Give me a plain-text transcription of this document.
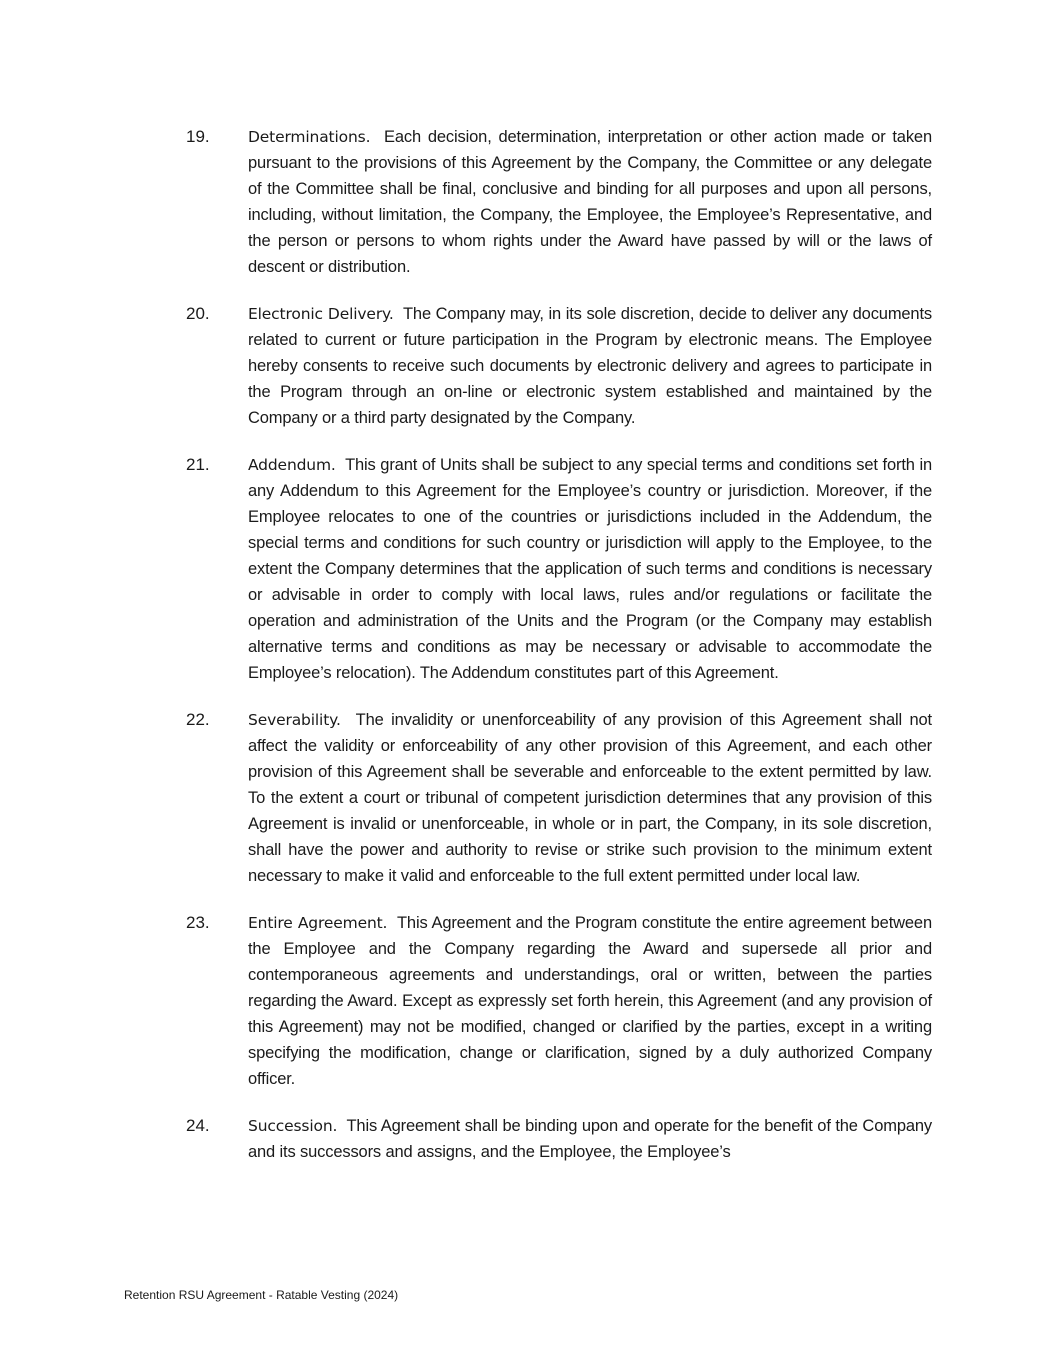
19. Determinations. Each decision, determination, interpretation or other action made or taken pursuant to the provisions of this Agreement by the Company, the Committee or any delegate of the Committee shall be final, conclusive and binding for all purposes and upon all persons, including, without limitation, the Company, the Employee, the Employee’s Representative, and the person or persons to whom rights under the Award have passed by will or the laws of descent or distribution.
20. Electronic Delivery. The Company may, in its sole discretion, decide to deliver any documents related to current or future participation in the Program by electronic means. The Employee hereby consents to receive such documents by electronic delivery and agrees to participate in the Program through an on-line or electronic system established and maintained by the Company or a third party designated by the Company.
21. Addendum. This grant of Units shall be subject to any special terms and conditions set forth in any Addendum to this Agreement for the Employee’s country or jurisdiction. Moreover, if the Employee relocates to one of the countries or jurisdictions included in the Addendum, the special terms and conditions for such country or jurisdiction will apply to the Employee, to the extent the Company determines that the application of such terms and conditions is necessary or advisable in order to comply with local laws, rules and/or regulations or facilitate the operation and administration of the Units and the Program (or the Company may establish alternative terms and conditions as may be necessary or advisable to accommodate the Employee’s relocation). The Addendum constitutes part of this Agreement.
22. Severability. The invalidity or unenforceability of any provision of this Agreement shall not affect the validity or enforceability of any other provision of this Agreement, and each other provision of this Agreement shall be severable and enforceable to the extent permitted by law. To the extent a court or tribunal of competent jurisdiction determines that any provision of this Agreement is invalid or unenforceable, in whole or in part, the Company, in its sole discretion, shall have the power and authority to revise or strike such provision to the minimum extent necessary to make it valid and enforceable to the full extent permitted under local law.
23. Entire Agreement. This Agreement and the Program constitute the entire agreement between the Employee and the Company regarding the Award and supersede all prior and contemporaneous agreements and understandings, oral or written, between the parties regarding the Award. Except as expressly set forth herein, this Agreement (and any provision of this Agreement) may not be modified, changed or clarified by the parties, except in a writing specifying the modification, change or clarification, signed by a duly authorized Company officer.
24. Succession. This Agreement shall be binding upon and operate for the benefit of the Company and its successors and assigns, and the Employee, the Employee’s
Retention RSU Agreement - Ratable Vesting (2024)
